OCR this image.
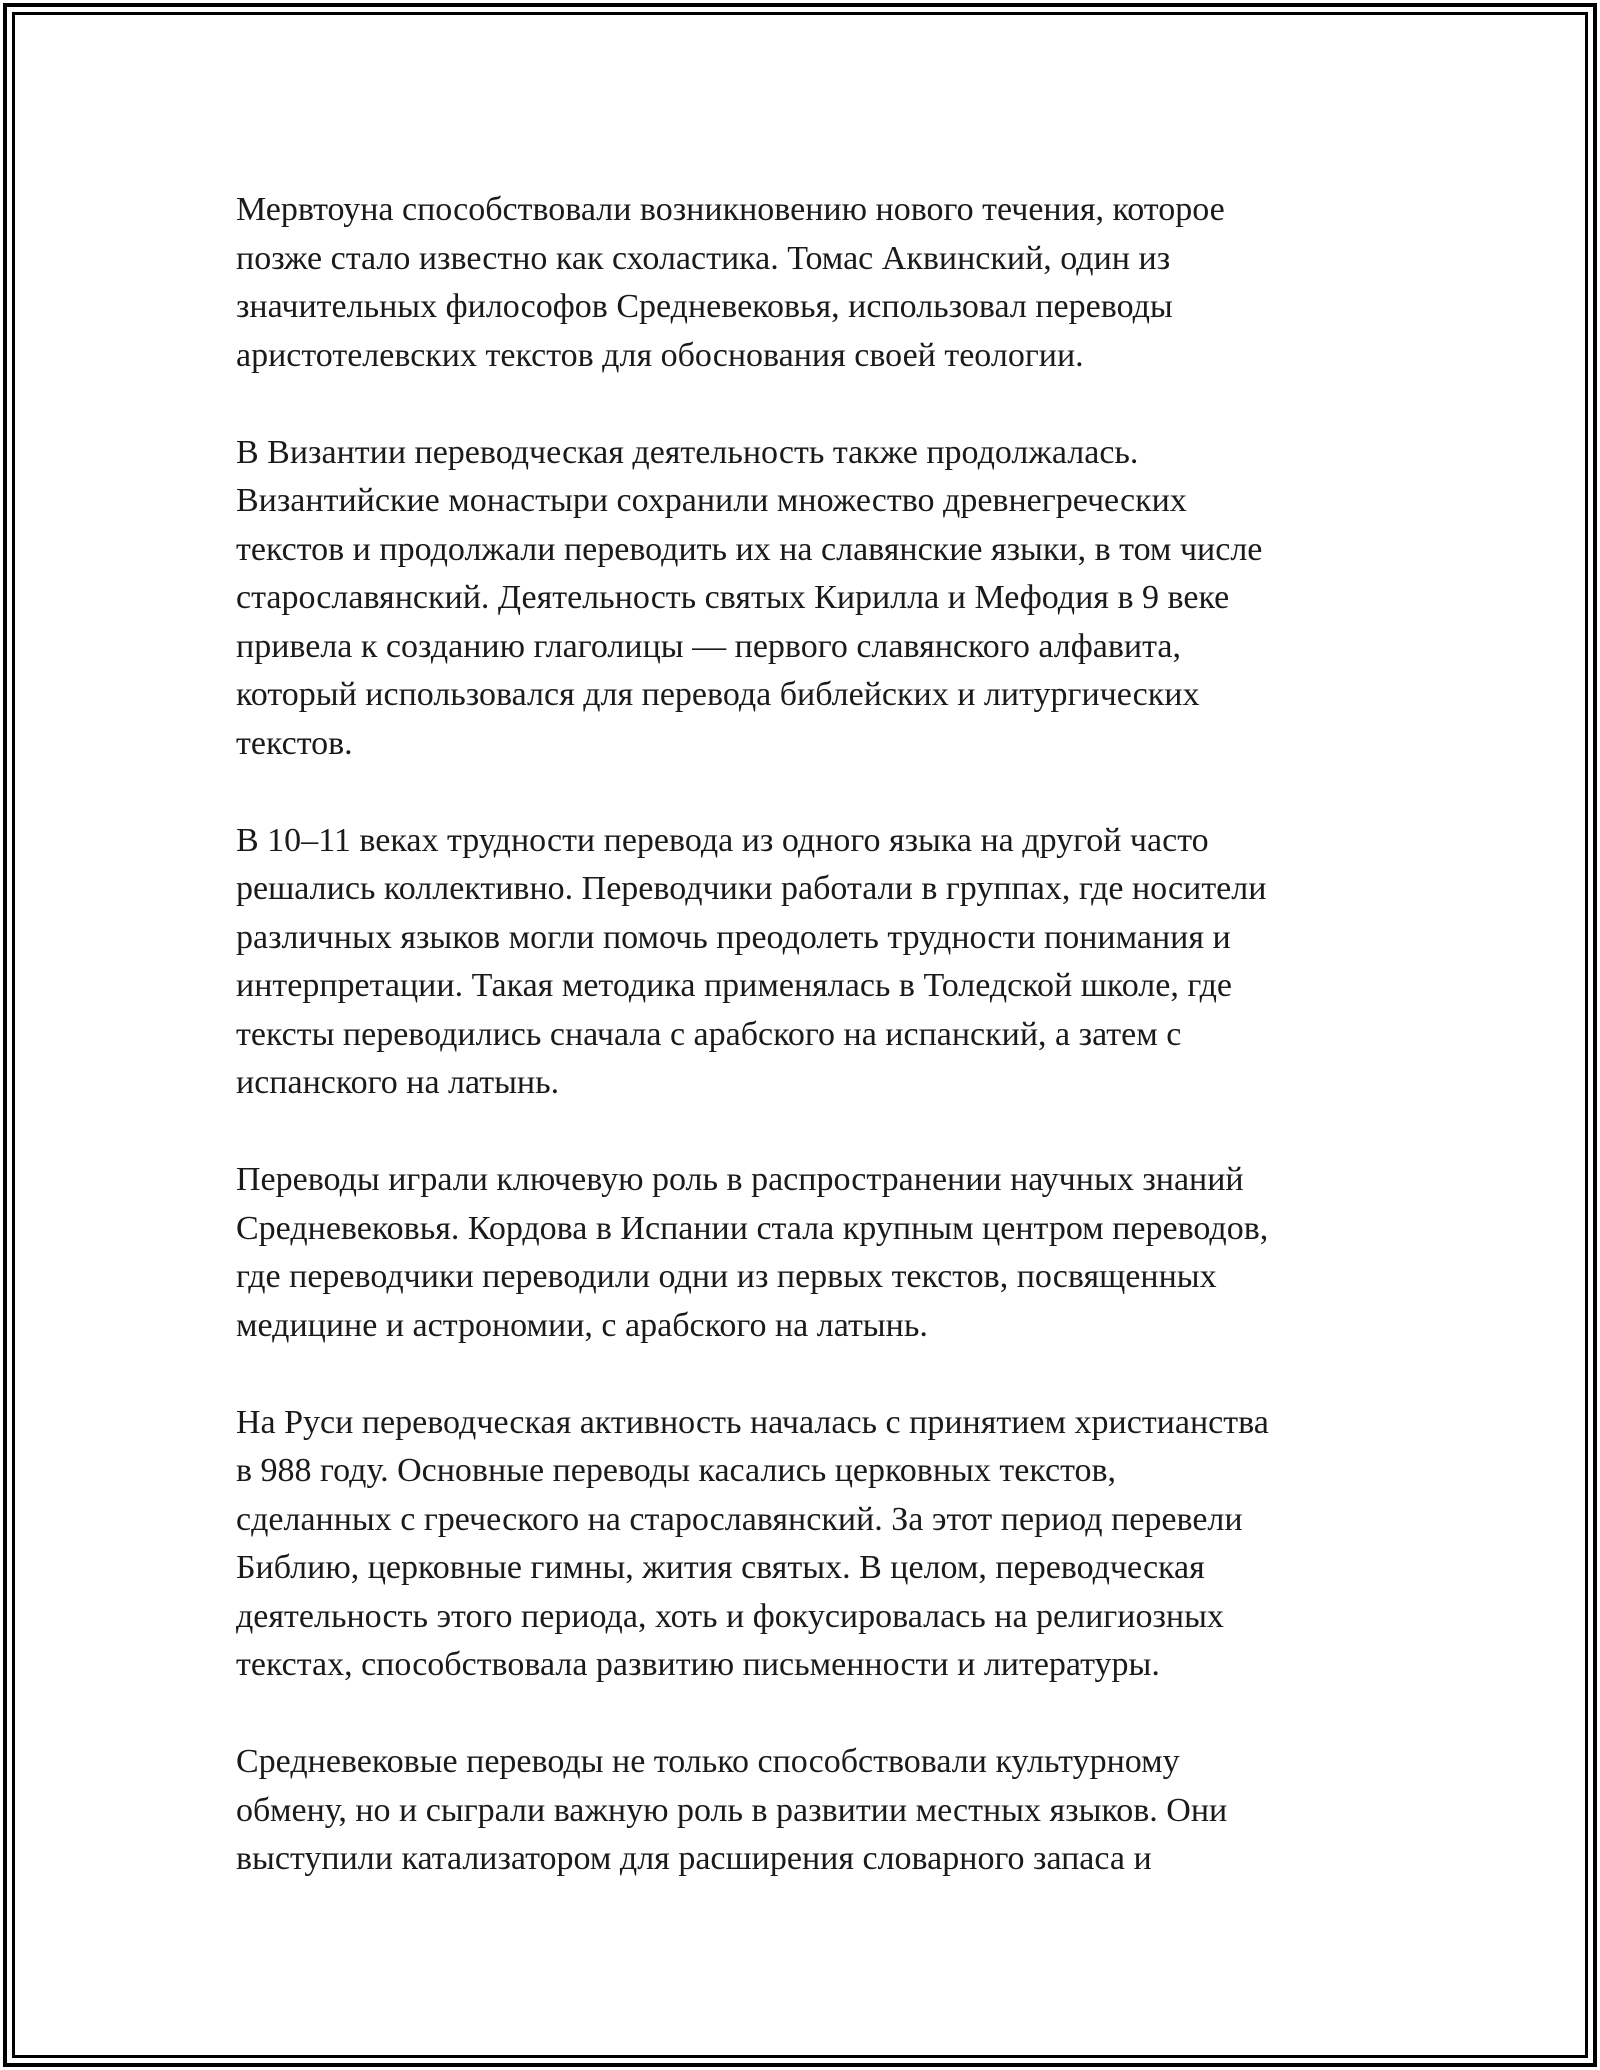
Мервтоуна способствовали возникновению нового течения, которое
позже стало известно как схоластика. Томас Аквинский, один из
значительных философов Средневековья, использовал переводы
аристотелевских текстов для обоснования своей теологии.

В Византии переводческая деятельность также продолжалась.
Византийские монастыри сохранили множество древнегреческих
текстов и продолжали переводить их на славянские языки, в том числе
старославянский. Деятельность святых Кирилла и Мефодия в 9 веке
привела к созданию глаголицы — первого славянского алфавита,
который использовался для перевода библейских и литургических
текстов.

В 10–11 веках трудности перевода из одного языка на другой часто
решались коллективно. Переводчики работали в группах, где носители
различных языков могли помочь преодолеть трудности понимания и
интерпретации. Такая методика применялась в Толедской школе, где
тексты переводились сначала с арабского на испанский, а затем с
испанского на латынь.

Переводы играли ключевую роль в распространении научных знаний
Средневековья. Кордова в Испании стала крупным центром переводов,
где переводчики переводили одни из первых текстов, посвященных
медицине и астрономии, с арабского на латынь.

На Руси переводческая активность началась с принятием христианства
в 988 году. Основные переводы касались церковных текстов,
сделанных с греческого на старославянский. За этот период перевели
Библию, церковные гимны, жития святых. В целом, переводческая
деятельность этого периода, хоть и фокусировалась на религиозных
текстах, способствовала развитию письменности и литературы.

Средневековые переводы не только способствовали культурному
обмену, но и сыграли важную роль в развитии местных языков. Они
выступили катализатором для расширения словарного запаса и
